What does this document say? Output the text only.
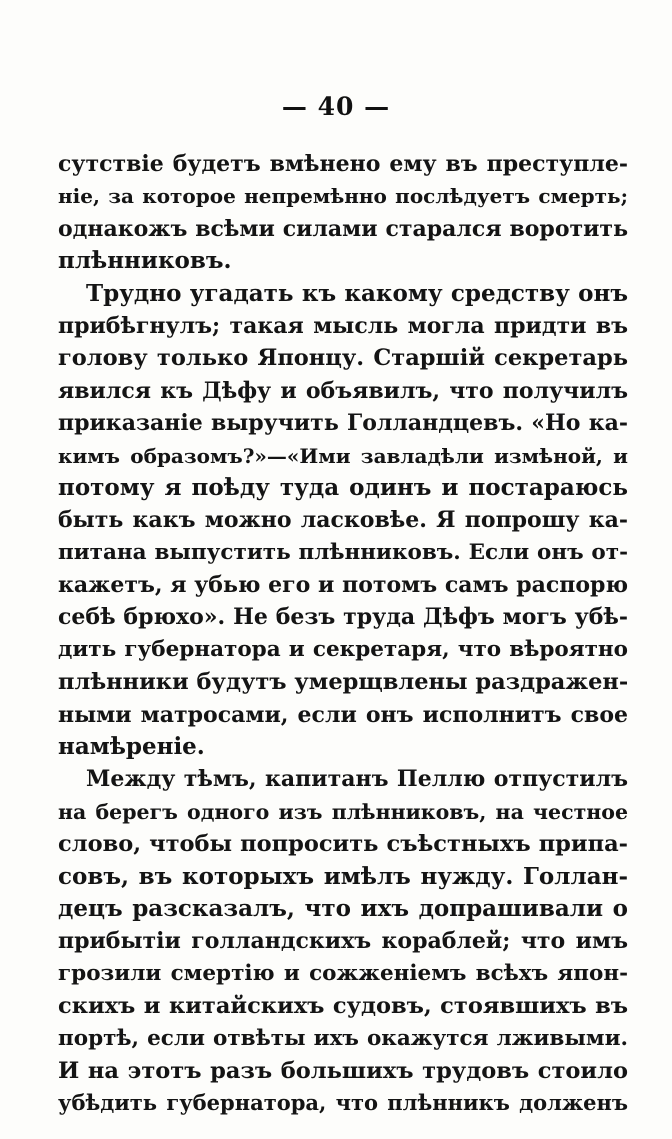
— 40 —
сутствіе будетъ вмѣнено ему въ преступле-
ніе, за которое непремѣнно послѣдуетъ смерть;
однакожъ всѣми силами старался воротить
плѣнниковъ.
Трудно угадать къ какому средству онъ
прибѣгнулъ; такая мысль могла придти въ
голову только Японцу. Старшій секретарь
явился къ Дѣфу и объявилъ, что получилъ
приказаніе выручить Голландцевъ. «Но ка-
кимъ образомъ?»—«Ими завладѣли измѣной, и
потому я поѣду туда одинъ и постараюсь
быть какъ можно ласковѣе. Я попрошу ка-
питана выпустить плѣнниковъ. Если онъ от-
кажетъ, я убью его и потомъ самъ распорю
себѣ брюхо». Не безъ труда Дѣфъ могъ убѣ-
дить губернатора и секретаря, что вѣроятно
плѣнники будутъ умерщвлены раздражен-
ными матросами, если онъ исполнитъ свое
намѣреніе.
Между тѣмъ, капитанъ Пеллю отпустилъ
на берегъ одного изъ плѣнниковъ, на честное
слово, чтобы попросить съѣстныхъ припа-
совъ, въ которыхъ имѣлъ нужду. Голлан-
децъ разсказалъ, что ихъ допрашивали о
прибытіи голландскихъ кораблей; что имъ
грозили смертію и сожженіемъ всѣхъ япон-
скихъ и китайскихъ судовъ, стоявшихъ въ
портѣ, если отвѣты ихъ окажутся лживыми.
И на этотъ разъ большихъ трудовъ стоило
убѣдить губернатора, что плѣнникъ долженъ
